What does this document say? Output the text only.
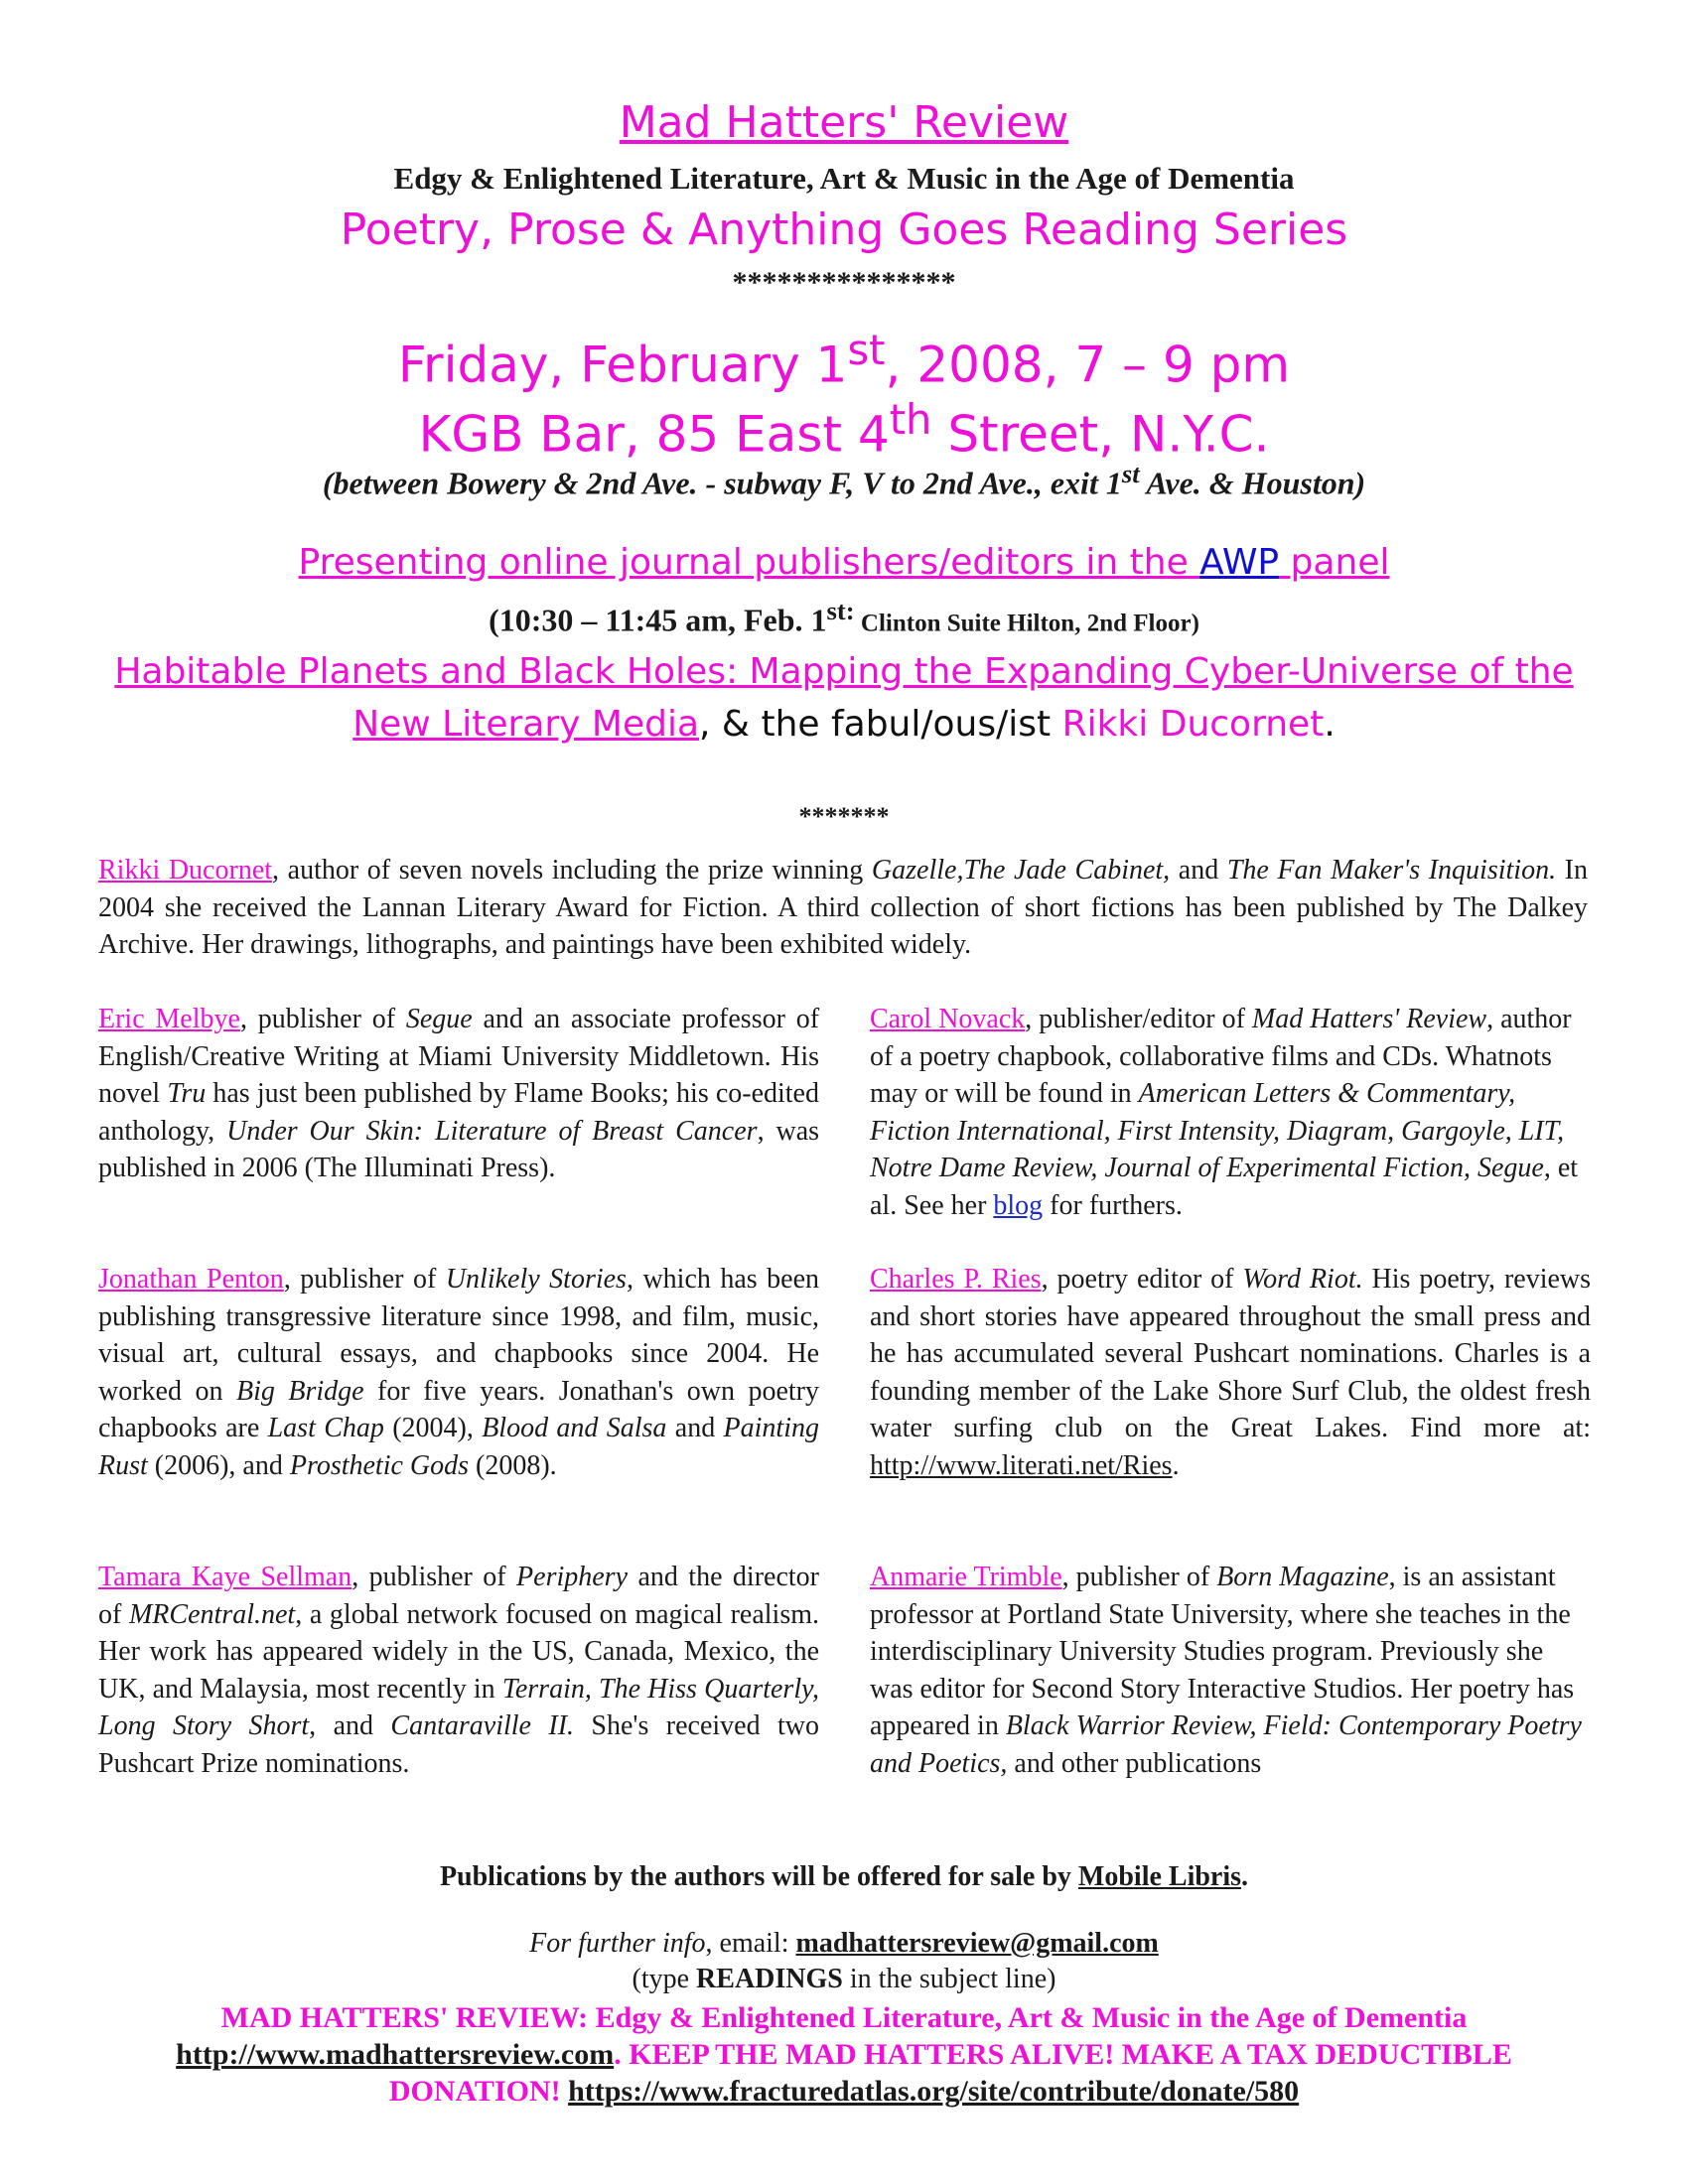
Mad Hatters' Review
Edgy & Enlightened Literature, Art & Music in the Age of Dementia
Poetry, Prose & Anything Goes Reading Series
***************
Friday, February 1st, 2008, 7 – 9 pm
KGB Bar, 85 East 4th Street, N.Y.C.
(between Bowery & 2nd Ave. - subway F, V to 2nd Ave., exit 1st Ave. & Houston)
Presenting online journal publishers/editors in the AWP panel
(10:30 – 11:45 am, Feb. $1^{st:}$ Clinton Suite Hilton, 2nd Floor)
Habitable Planets and Black Holes: Mapping the Expanding Cyber-Universe of the New Literary Media, & the fabul/ous/ist Rikki Ducornet.
*******
Rikki Ducornet, author of seven novels including the prize winning Gazelle,The Jade Cabinet, and The Fan Maker's Inquisition. In 2004 she received the Lannan Literary Award for Fiction. A third collection of short fictions has been published by The Dalkey Archive. Her drawings, lithographs, and paintings have been exhibited widely.
Eric Melbye, publisher of Segue and an associate professor of English/Creative Writing at Miami University Middletown. His novel Tru has just been published by Flame Books; his co-edited anthology, Under Our Skin: Literature of Breast Cancer, was published in 2006 (The Illuminati Press).
Jonathan Penton, publisher of Unlikely Stories, which has been publishing transgressive literature since 1998, and film, music, visual art, cultural essays, and chapbooks since 2004. He worked on Big Bridge for five years. Jonathan's own poetry chapbooks are Last Chap (2004), Blood and Salsa and Painting Rust (2006), and Prosthetic Gods (2008).
Tamara Kaye Sellman, publisher of Periphery and the director of MRCentral.net, a global network focused on magical realism. Her work has appeared widely in the US, Canada, Mexico, the UK, and Malaysia, most recently in Terrain, The Hiss Quarterly, Long Story Short, and Cantaraville II. She's received two Pushcart Prize nominations.
Carol Novack, publisher/editor of Mad Hatters' Review, author of a poetry chapbook, collaborative films and CDs. Whatnots may or will be found in American Letters & Commentary, Fiction International, First Intensity, Diagram, Gargoyle, LIT, Notre Dame Review, Journal of Experimental Fiction, Segue, et al. See her blog for furthers.
Charles P. Ries, poetry editor of Word Riot. His poetry, reviews and short stories have appeared throughout the small press and he has accumulated several Pushcart nominations. Charles is a founding member of the Lake Shore Surf Club, the oldest fresh water surfing club on the Great Lakes. Find more at: http://www.literati.net/Ries.
Anmarie Trimble, publisher of Born Magazine, is an assistant professor at Portland State University, where she teaches in the interdisciplinary University Studies program. Previously she was editor for Second Story Interactive Studios. Her poetry has appeared in Black Warrior Review, Field: Contemporary Poetry and Poetics, and other publications
Publications by the authors will be offered for sale by Mobile Libris.
For further info, email: madhattersreview@gmail.com
(type READINGS in the subject line)
MAD HATTERS' REVIEW: Edgy & Enlightened Literature, Art & Music in the Age of Dementia
http://www.madhattersreview.com. KEEP THE MAD HATTERS ALIVE! MAKE A TAX DEDUCTIBLE DONATION! https://www.fracturedatlas.org/site/contribute/donate/580
